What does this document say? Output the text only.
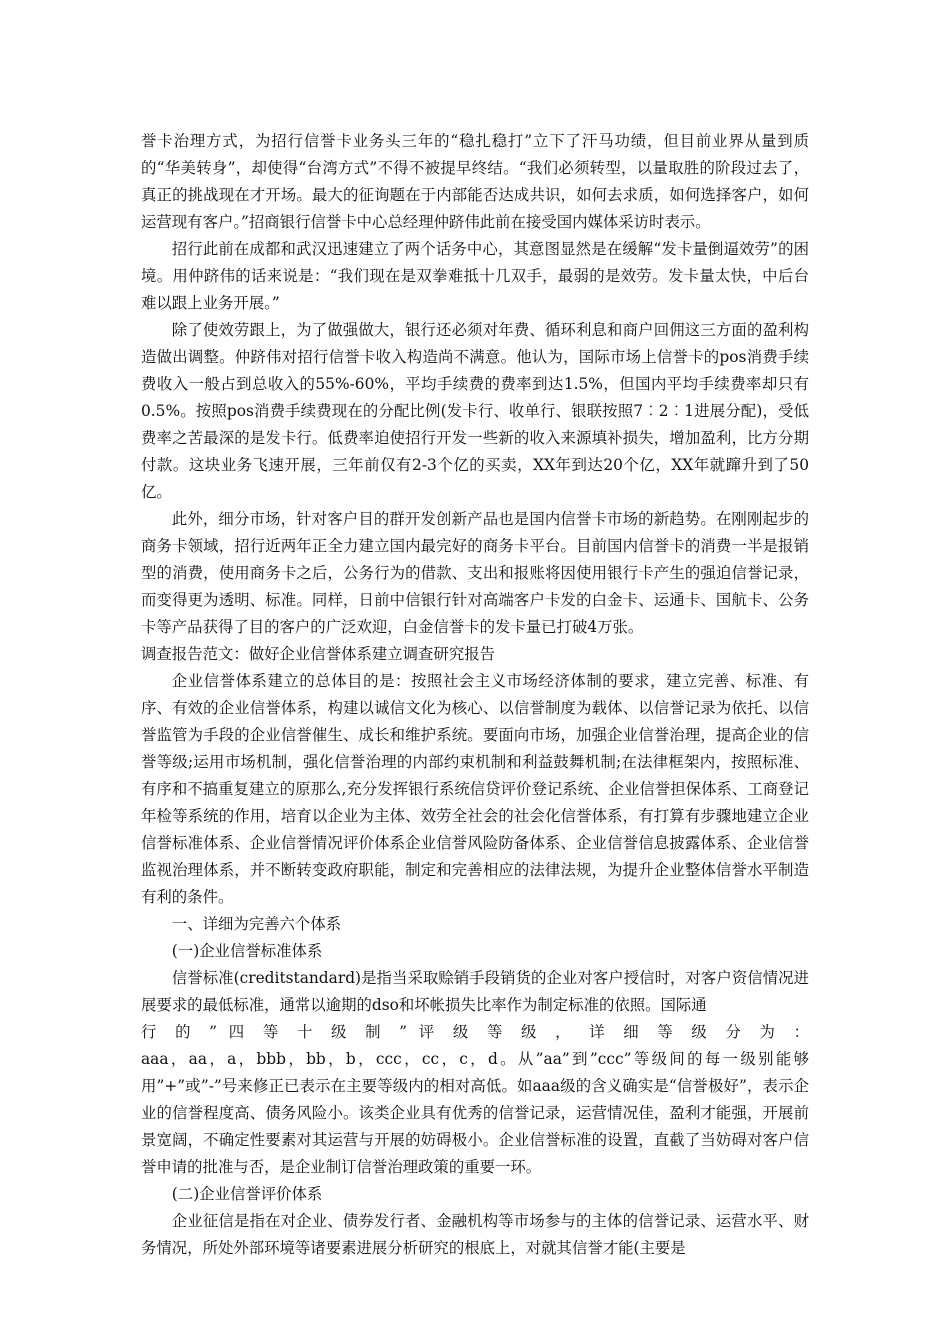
誉卡治理方式，为招行信誉卡业务头三年的“稳扎稳打”立下了汗马功绩，但目前业界从量到质的“华美转身”，却使得“台湾方式”不得不被提早终结。“我们必须转型，以量取胜的阶段过去了，真正的挑战现在才开场。最大的征询题在于内部能否达成共识，如何去求质，如何选择客户，如何运营现有客户。”招商银行信誉卡中心总经理仲跻伟此前在接受国内媒体采访时表示。

招行此前在成都和武汉迅速建立了两个话务中心，其意图显然是在缓解“发卡量倒逼效劳”的困境。用仲跻伟的话来说是：“我们现在是双拳难抵十几双手，最弱的是效劳。发卡量太快，中后台难以跟上业务开展。”

除了使效劳跟上，为了做强做大，银行还必须对年费、循环利息和商户回佣这三方面的盈利构造做出调整。仲跻伟对招行信誉卡收入构造尚不满意。他认为，国际市场上信誉卡的pos消费手续费收入一般占到总收入的55%-60%，平均手续费的费率到达1.5%，但国内平均手续费率却只有0.5%。按照pos消费手续费现在的分配比例(发卡行、收单行、银联按照7︰2︰1进展分配)，受低费率之苦最深的是发卡行。低费率迫使招行开发一些新的收入来源填补损失，增加盈利，比方分期付款。这块业务飞速开展，三年前仅有2-3个亿的买卖，XX年到达20个亿，XX年就蹿升到了50亿。

此外，细分市场，针对客户目的群开发创新产品也是国内信誉卡市场的新趋势。在刚刚起步的商务卡领域，招行近两年正全力建立国内最完好的商务卡平台。目前国内信誉卡的消费一半是报销型的消费，使用商务卡之后，公务行为的借款、支出和报账将因使用银行卡产生的强迫信誉记录，而变得更为透明、标准。同样，日前中信银行针对高端客户卡发的白金卡、运通卡、国航卡、公务卡等产品获得了目的客户的广泛欢迎，白金信誉卡的发卡量已打破4万张。

调查报告范文：做好企业信誉体系建立调查研究报告

企业信誉体系建立的总体目的是：按照社会主义市场经济体制的要求，建立完善、标准、有序、有效的企业信誉体系，构建以诚信文化为核心、以信誉制度为载体、以信誉记录为依托、以信誉监管为手段的企业信誉催生、成长和维护系统。要面向市场，加强企业信誉治理，提高企业的信誉等级;运用市场机制，强化信誉治理的内部约束机制和利益鼓舞机制;在法律框架内，按照标准、有序和不搞重复建立的原那么,充分发挥银行系统信贷评价登记系统、企业信誉担保体系、工商登记年检等系统的作用，培育以企业为主体、效劳全社会的社会化信誉体系，有打算有步骤地建立企业信誉标准体系、企业信誉情况评价体系企业信誉风险防备体系、企业信誉信息披露体系、企业信誉监视治理体系，并不断转变政府职能，制定和完善相应的法律法规，为提升企业整体信誉水平制造有利的条件。

一、详细为完善六个体系

(一)企业信誉标准体系

信誉标准(creditstandard)是指当采取赊销手段销货的企业对客户授信时，对客户资信情况进展要求的最低标准，通常以逾期的dso和坏帐损失比率作为制定标准的依照。国际通

行 的 ” 四 等 十 级 制 ” 评 级 等 级 ， 详 细 等 级 分 为 ：

aaa，aa，a，bbb，bb，b，ccc，cc，c，d。从”aa”到”ccc”等级间的每一级别能够用”+”或”-”号来修正已表示在主要等级内的相对高低。如aaa级的含义确实是“信誉极好”，表示企业的信誉程度高、债务风险小。该类企业具有优秀的信誉记录，运营情况佳，盈利才能强，开展前景宽阔，不确定性要素对其运营与开展的妨碍极小。企业信誉标准的设置，直截了当妨碍对客户信誉申请的批准与否，是企业制订信誉治理政策的重要一环。

(二)企业信誉评价体系

企业征信是指在对企业、债券发行者、金融机构等市场参与的主体的信誉记录、运营水平、财务情况，所处外部环境等诸要素进展分析研究的根底上，对就其信誉才能(主要是
